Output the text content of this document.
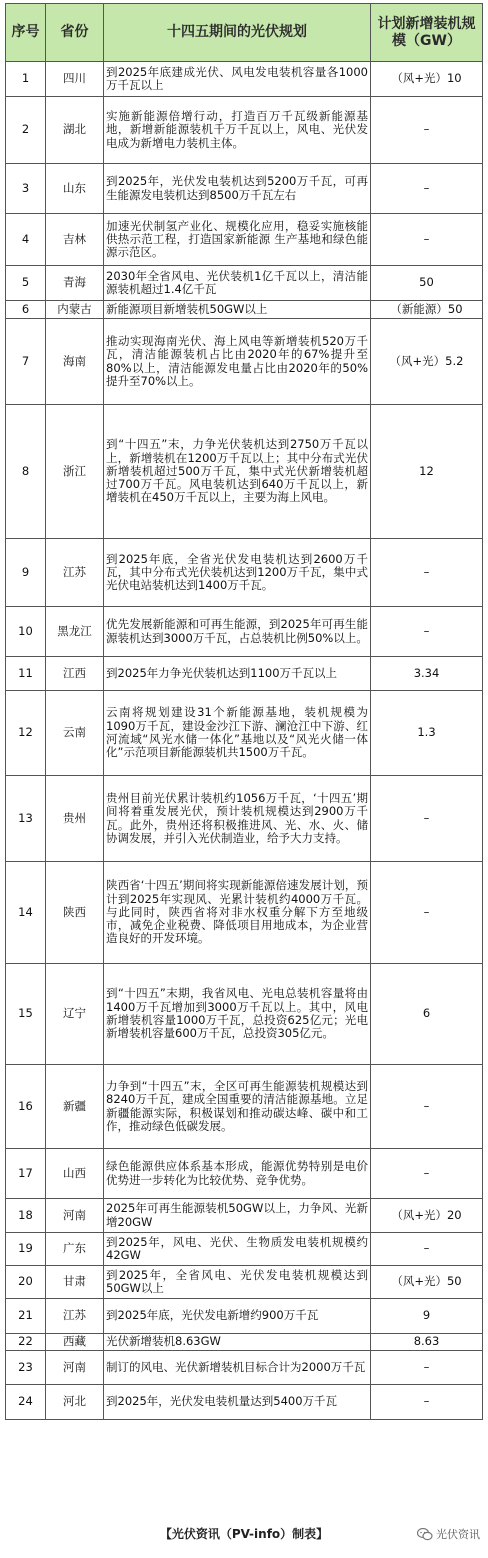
序号	省份	十四五期间的光伏规划	计划新增装机规模（GW）
1	四川	到2025年底建成光伏、风电发电装机容量各1000万千瓦以上	（风+光）10
2	湖北	实施新能源倍增行动，打造百万千瓦级新能源基地，新增新能源装机千万千瓦以上，风电、光伏发电成为新增电力装机主体。	–
3	山东	到2025年，光伏发电装机达到5200万千瓦，可再生能源发电装机达到8500万千瓦左右	–
4	吉林	加速光伏制氢产业化、规模化应用，稳妥实施核能供热示范工程，打造国家新能源 生产基地和绿色能源示范区。	–
5	青海	2030年全省风电、光伏装机1亿千瓦以上，清洁能源装机超过1.4亿千瓦	50
6	内蒙古	新能源项目新增装机50GW以上	（新能源）50
7	海南	推动实现海南光伏、海上风电等新增装机520万千瓦，清洁能源装机占比由2020年的67%提升至80%以上，清洁能源发电量占比由2020年的50%提升至70%以上。	（风+光）5.2
8	浙江	到“十四五”末，力争光伏装机达到2750万千瓦以上，新增装机在1200万千瓦以上；其中分布式光伏新增装机超过500万千瓦，集中式光伏新增装机超过700万千瓦。风电装机达到640万千瓦以上，新增装机在450万千瓦以上，主要为海上风电。	12
9	江苏	到2025年底，全省光伏发电装机达到2600万千瓦，其中分布式光伏装机达到1200万千瓦，集中式光伏电站装机达到1400万千瓦。	–
10	黑龙江	优先发展新能源和可再生能源，到2025年可再生能源装机达到3000万千瓦，占总装机比例50%以上。	–
11	江西	到2025年力争光伏装机达到1100万千瓦以上	3.34
12	云南	云南将规划建设31个新能源基地，装机规模为1090万千瓦，建设金沙江下游、澜沧江中下游、红河流域“风光水储一体化”基地以及“风光火储一体化”示范项目新能源装机共1500万千瓦。	1.3
13	贵州	贵州目前光伏累计装机约1056万千瓦，‘十四五’期间将着重发展光伏，预计装机规模达到2900万千瓦。此外，贵州还将积极推进风、光、水、火、储协调发展，并引入光伏制造业，给予大力支持。	–
14	陕西	陕西省‘十四五’期间将实现新能源倍速发展计划，预计到2025年实现风、光累计装机约4000万千瓦。与此同时，陕西省将对非水权重分解下方至地级市，减免企业税费、降低项目用地成本，为企业营造良好的开发环境。	–
15	辽宁	到“十四五”末期，我省风电、光电总装机容量将由1400万千瓦增加到3000万千瓦以上。其中，风电新增装机容量1000万千瓦，总投资625亿元；光电新增装机容量600万千瓦，总投资305亿元。	6
16	新疆	力争到“十四五”末，全区可再生能源装机规模达到8240万千瓦，建成全国重要的清洁能源基地。立足新疆能源实际，积极谋划和推动碳达峰、碳中和工作，推动绿色低碳发展。	–
17	山西	绿色能源供应体系基本形成，能源优势特别是电价优势进一步转化为比较优势、竞争优势。	–
18	河南	2025年可再生能源装机50GW以上，力争风、光新增20GW	（风+光）20
19	广东	到2025年，风电、光伏、生物质发电装机规模约42GW	–
20	甘肃	到2025年，全省风电、光伏发电装机规模达到50GW以上	（风+光）50
21	江苏	到2025年底，光伏发电新增约900万千瓦	9
22	西藏	光伏新增装机8.63GW	8.63
23	河南	制订的风电、光伏新增装机目标合计为2000万千瓦	–
24	河北	到2025年，光伏发电装机量达到5400万千瓦	–
【光伏资讯（PV-info）制表】	光伏资讯
